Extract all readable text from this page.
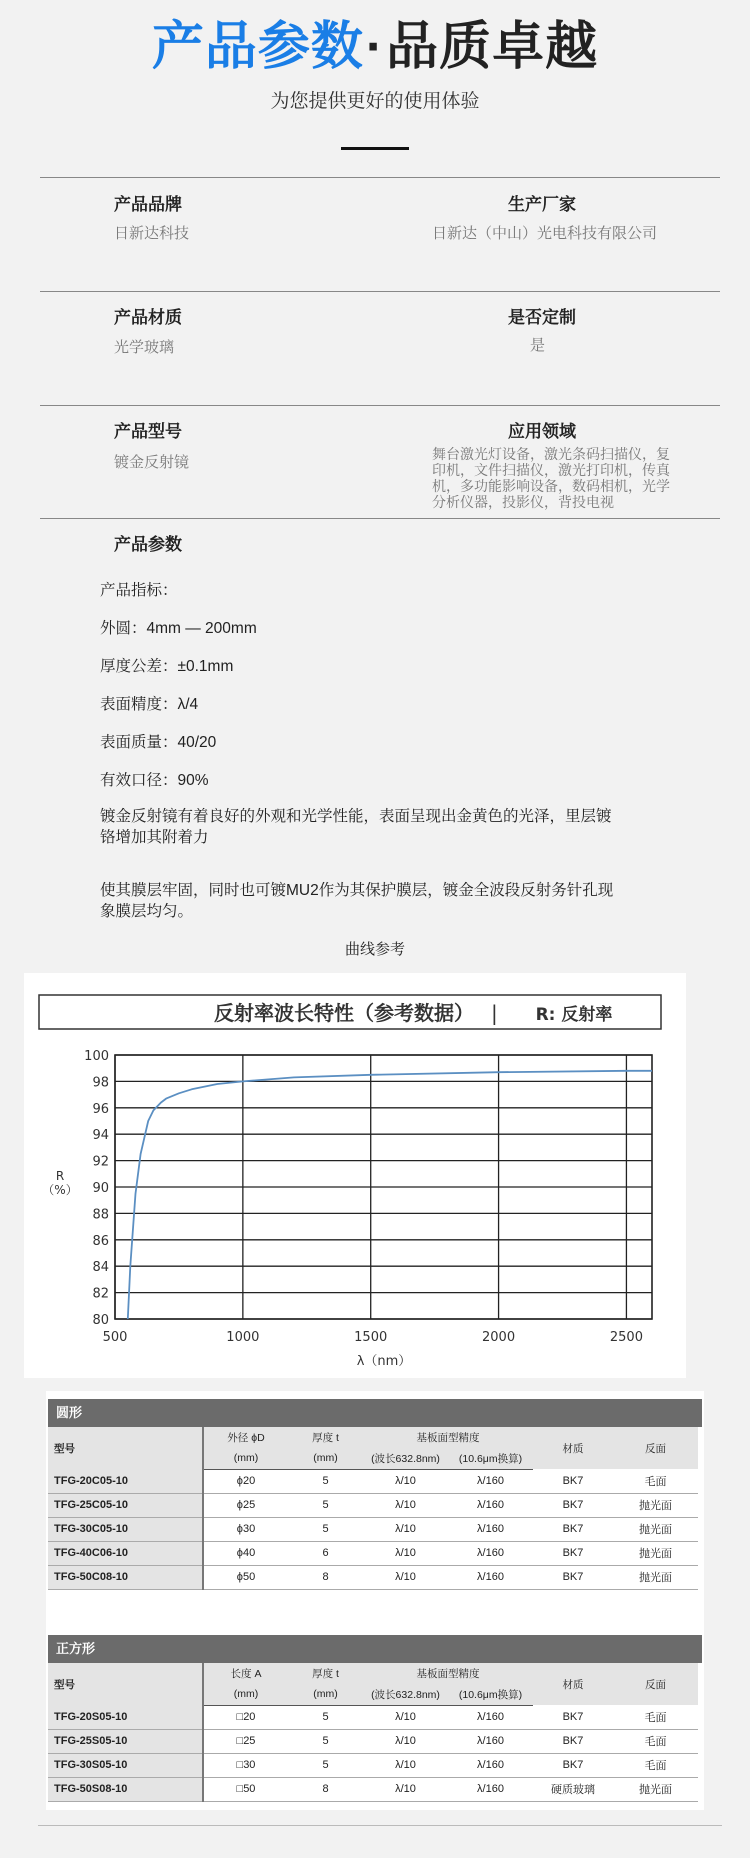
产品参数·品质卓越
为您提供更好的使用体验
产品品牌
日新达科技
生产厂家
日新达（中山）光电科技有限公司
产品材质
光学玻璃
是否定制
是
产品型号
镀金反射镜
应用领域
舞台激光灯设备，激光条码扫描仪，复印机，文件扫描仪，激光打印机，传真机，多功能影响设备，数码相机，光学分析仪器，投影仪，背投电视
产品参数
产品指标：
外圆：4mm — 200mm
厚度公差：±0.1mm
表面精度：λ/4
表面质量：40/20
有效口径：90%
镀金反射镜有着良好的外观和光学性能，表面呈现出金黄色的光泽，里层镀铬增加其附着力
使其膜层牢固，同时也可镀MU2作为其保护膜层，镀金全波段反射务针孔现象膜层均匀。
曲线参考
反射率波长特性（参考数据） | R: 反射率
80
82
84
86
88
90
92
94
96
98
100
500	1000	1500	2000	2500
R （%）
λ（nm）
圆形
型号	外径 ϕD	厚度 t	基板面型精度		材质	反面
	(mm)	(mm)	(波长632.8nm)	(10.6μm换算)		
TFG-20C05-10	ϕ20	5	λ/10	λ/160	BK7	毛面
TFG-25C05-10	ϕ25	5	λ/10	λ/160	BK7	抛光面
TFG-30C05-10	ϕ30	5	λ/10	λ/160	BK7	抛光面
TFG-40C06-10	ϕ40	6	λ/10	λ/160	BK7	抛光面
TFG-50C08-10	ϕ50	8	λ/10	λ/160	BK7	抛光面
正方形
型号	长度 A	厚度 t	基板面型精度		材质	反面
	(mm)	(mm)	(波长632.8nm)	(10.6μm换算)		
TFG-20S05-10	□20	5	λ/10	λ/160	BK7	毛面
TFG-25S05-10	□25	5	λ/10	λ/160	BK7	毛面
TFG-30S05-10	□30	5	λ/10	λ/160	BK7	毛面
TFG-50S08-10	□50	8	λ/10	λ/160	硬质玻璃	抛光面
